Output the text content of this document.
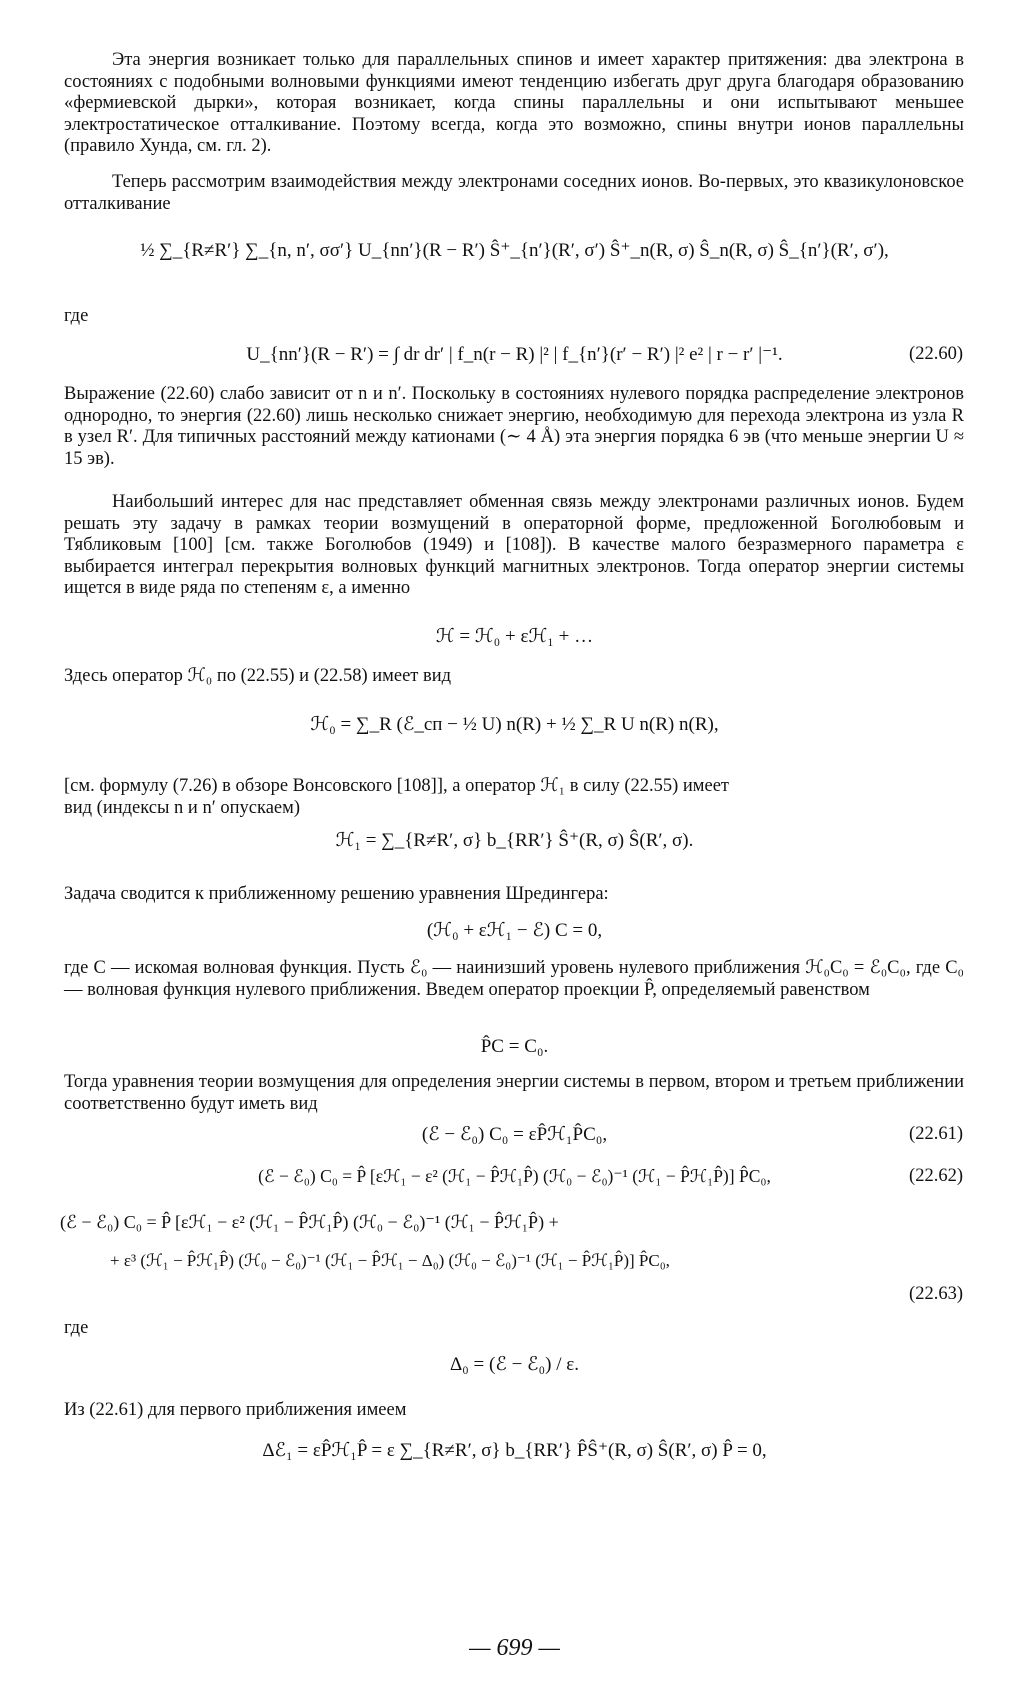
Эта энергия возникает только для параллельных спинов и имеет характер притяжения: два электрона в состояниях с подобными волновыми функциями имеют тенденцию избегать друг друга благодаря образованию «фермиевской дырки», которая возникает, когда спины параллельны и они испытывают меньшее электростатическое отталкивание. Поэтому всегда, когда это возможно, спины внутри ионов параллельны (правило Хунда, см. гл. 2).

Теперь рассмотрим взаимодействия между электронами соседних ионов. Во-первых, это квазикулоновское отталкивание

½ ∑_{R≠R′} ∑_{n, n′, σσ′} U_{nn′}(R − R′) Ŝ⁺_{n′}(R′, σ′) Ŝ⁺_n(R, σ) Ŝ_n(R, σ) Ŝ_{n′}(R′, σ′),
где
U_{nn′}(R − R′) = ∫ dr dr′ | f_n(r − R) |² | f_{n′}(r′ − R′) |² e² | r − r′ |⁻¹.	(22.60)

Выражение (22.60) слабо зависит от n и n′. Поскольку в состояниях нулевого порядка распределение электронов однородно, то энергия (22.60) лишь несколько снижает энергию, необходимую для перехода электрона из узла R в узел R′. Для типичных расстояний между катионами (∼ 4 Å) эта энергия порядка 6 эв (что меньше энергии U ≈ 15 эв).

Наибольший интерес для нас представляет обменная связь между электронами различных ионов. Будем решать эту задачу в рамках теории возмущений в операторной форме, предложенной Боголюбовым и Тябликовым [100] [см. также Боголюбов (1949) и [108]). В качестве малого безразмерного параметра ε выбирается интеграл перекрытия волновых функций магнитных электронов. Тогда оператор энергии системы ищется в виде ряда по степеням ε, а именно

ℋ = ℋ₀ + εℋ₁ + …

Здесь оператор ℋ₀ по (22.55) и (22.58) имеет вид

ℋ₀ = ∑_R (ℰ_сп − ½ U) n(R) + ½ ∑_R U n(R) n(R),

[см. формулу (7.26) в обзоре Вонсовского [108]], а оператор ℋ₁ в силу (22.55) имеет

вид (индексы n и n′ опускаем)

ℋ₁ = ∑_{R≠R′, σ} b_{RR′} Ŝ⁺(R, σ) Ŝ(R′, σ).

Задача сводится к приближенному решению уравнения Шредингера:

(ℋ₀ + εℋ₁ − ℰ) C = 0,

где C — искомая волновая функция. Пусть ℰ₀ — наинизший уровень нулевого приближения ℋ₀C₀ = ℰ₀C₀, где C₀ — волновая функция нулевого приближения. Введем оператор проекции P̂, определяемый равенством

P̂C = C₀.

Тогда уравнения теории возмущения для определения энергии системы в первом, втором и третьем приближении соответственно будут иметь вид

(ℰ − ℰ₀) C₀ = εP̂ℋ₁P̂C₀,	(22.61)
(ℰ − ℰ₀) C₀ = P̂ [εℋ₁ − ε² (ℋ₁ − P̂ℋ₁P̂) (ℋ₀ − ℰ₀)⁻¹ (ℋ₁ − P̂ℋ₁P̂)] P̂C₀,	(22.62)
(ℰ − ℰ₀) C₀ = P̂ [εℋ₁ − ε² (ℋ₁ − P̂ℋ₁P̂) (ℋ₀ − ℰ₀)⁻¹ (ℋ₁ − P̂ℋ₁P̂) +
+ ε³ (ℋ₁ − P̂ℋ₁P̂) (ℋ₀ − ℰ₀)⁻¹ (ℋ₁ − P̂ℋ₁ − Δ₀) (ℋ₀ − ℰ₀)⁻¹ (ℋ₁ − P̂ℋ₁P̂)] P̂C₀,
(22.63)
где
Δ₀ = (ℰ − ℰ₀) / ε.

Из (22.61) для первого приближения имеем

Δℰ₁ = εP̂ℋ₁P̂ = ε ∑_{R≠R′, σ} b_{RR′} P̂Ŝ⁺(R, σ) Ŝ(R′, σ) P̂ = 0,
— 699 —
